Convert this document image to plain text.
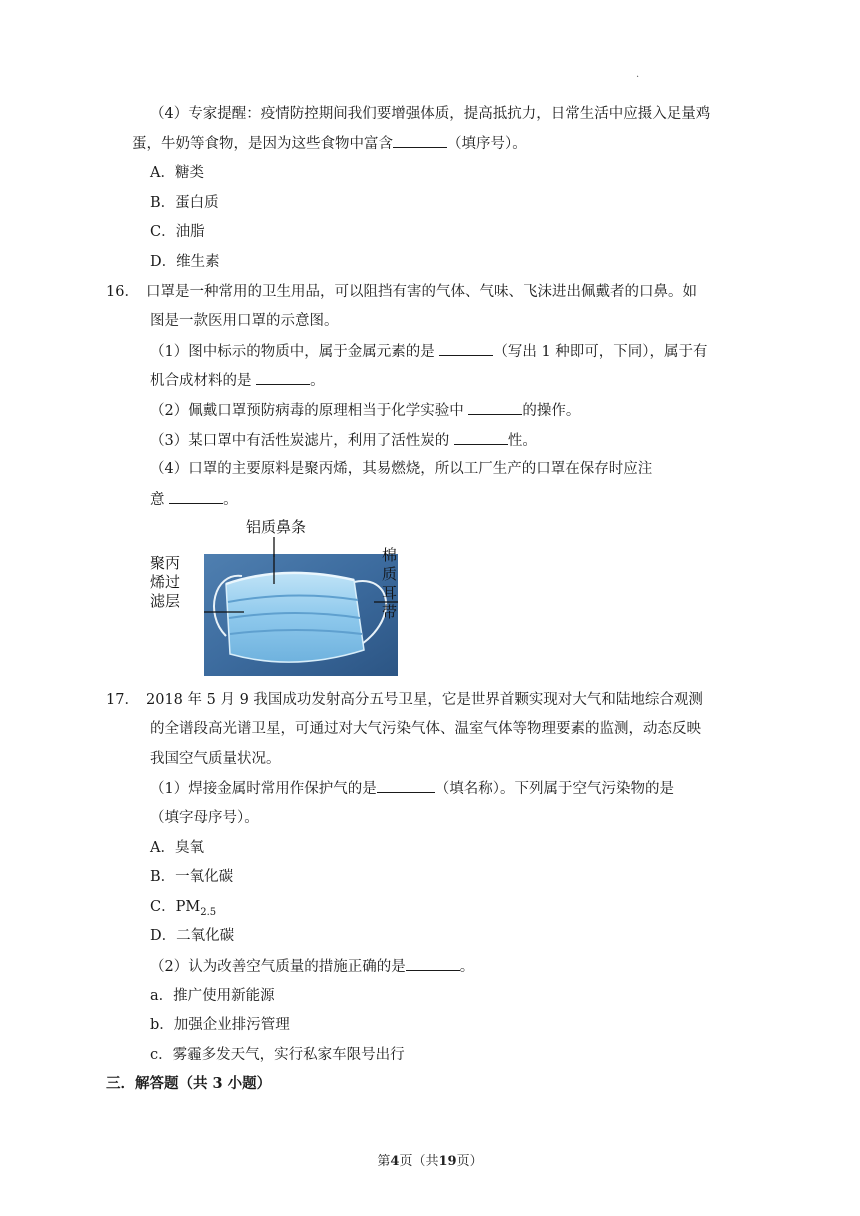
·
（4）专家提醒：疫情防控期间我们要增强体质，提高抵抗力，日常生活中应摄入足量鸡
蛋，牛奶等食物，是因为这些食物中富含	（填序号）。
A．糖类
B．蛋白质
C．油脂
D．维生素
16． 口罩是一种常用的卫生用品，可以阻挡有害的气体、气味、飞沫进出佩戴者的口鼻。如
图是一款医用口罩的示意图。
（1）图中标示的物质中，属于金属元素的是	（写出 1 种即可，下同），属于有
机合成材料的是	。
（2）佩戴口罩预防病毒的原理相当于化学实验中	的操作。
（3）某口罩中有活性炭滤片，利用了活性炭的	性。
（4）口罩的主要原料是聚丙烯，其易燃烧，所以工厂生产的口罩在保存时应注
意	。
铝质鼻条
聚丙
烯过
滤层
棉
质
耳
带
17． 2018 年 5 月 9 我国成功发射高分五号卫星，它是世界首颗实现对大气和陆地综合观测
的全谱段高光谱卫星，可通过对大气污染气体、温室气体等物理要素的监测，动态反映
我国空气质量状况。
（1）焊接金属时常用作保护气的是	（填名称）。下列属于空气污染物的是
（填字母序号）。
A．臭氧
B．一氧化碳
C．$PM_{2.5}$
D．二氧化碳
（2）认为改善空气质量的措施正确的是	。
a．推广使用新能源
b．加强企业排污管理
c．雾霾多发天气，实行私家车限号出行
三．解答题（共 3 小题）
第4页（共19页）
